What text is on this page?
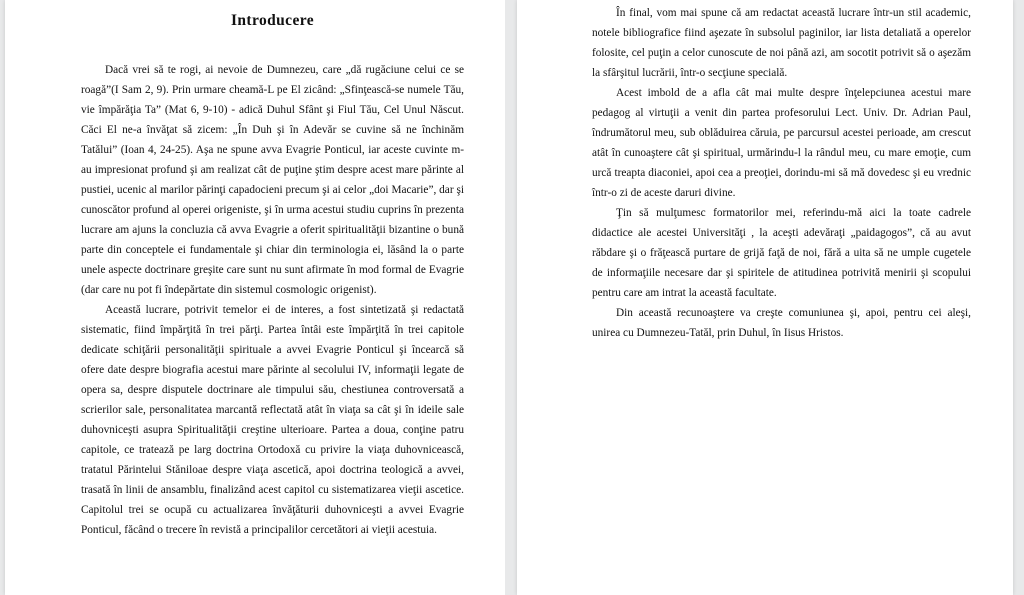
Introducere

Dacă vrei să te rogi, ai nevoie de Dumnezeu, care „dă rugăciune celui ce se roagă”(I Sam 2, 9). Prin urmare cheamă-L pe El zicând: „Sfinţească-se numele Tău, vie împărăţia Ta” (Mat 6, 9-10) - adică Duhul Sfânt şi Fiul Tău, Cel Unul Născut. Căci El ne-a învăţat să zicem: „În Duh şi în Adevăr se cuvine să ne închinăm Tatălui” (Ioan 4, 24-25). Aşa ne spune avva Evagrie Ponticul, iar aceste cuvinte m-au impresionat profund şi am realizat cât de puţine ştim despre acest mare părinte al pustiei, ucenic al marilor părinţi capadocieni precum şi ai celor „doi Macarie”, dar şi cunoscător profund al operei origeniste, şi în urma acestui studiu cuprins în prezenta lucrare am ajuns la concluzia că avva Evagrie a oferit spiritualităţii bizantine o bună parte din conceptele ei fundamentale şi chiar din terminologia ei, lăsând la o parte unele aspecte doctrinare greşite care sunt nu sunt afirmate în mod formal de Evagrie (dar care nu pot fi îndepărtate din sistemul cosmologic origenist).

Această lucrare, potrivit temelor ei de interes, a fost sintetizată şi redactată sistematic, fiind împărţită în trei părţi. Partea întâi este împărţită în trei capitole dedicate schiţării personalităţii spirituale a avvei Evagrie Ponticul şi încearcă să ofere date despre biografia acestui mare părinte al secolului IV, informaţii legate de opera sa, despre disputele doctrinare ale timpului său, chestiunea controversată a scrierilor sale, personalitatea marcantă reflectată atât în viaţa sa cât şi în ideile sale duhovniceşti asupra Spiritualităţii creştine ulterioare. Partea a doua, conţine patru capitole, ce tratează pe larg doctrina Ortodoxă cu privire la viaţa duhovnicească, tratatul Părintelui Stăniloae despre viaţa ascetică, apoi doctrina teologică a avvei, trasată în linii de ansamblu, finalizând acest capitol cu sistematizarea vieţii ascetice. Capitolul trei se ocupă cu actualizarea învăţăturii duhovniceşti a avvei Evagrie Ponticul, făcând o trecere în revistă a principalilor cercetători ai vieţii acestuia.

În final, vom mai spune că am redactat această lucrare într-un stil academic, notele bibliografice fiind aşezate în subsolul paginilor, iar lista detaliată a operelor folosite, cel puţin a celor cunoscute de noi până azi, am socotit potrivit să o aşezăm la sfârşitul lucrării, într-o secţiune specială.

Acest imbold de a afla cât mai multe despre înţelepciunea acestui mare pedagog al virtuţii a venit din partea profesorului Lect. Univ. Dr. Adrian Paul, îndrumătorul meu, sub oblăduirea căruia, pe parcursul acestei perioade, am crescut atât în cunoaştere cât şi spiritual, urmărindu-l la rândul meu, cu mare emoţie, cum urcă treapta diaconiei, apoi cea a preoţiei, dorindu-mi să mă dovedesc şi eu vrednic într-o zi de aceste daruri divine.

Ţin să mulţumesc formatorilor mei, referindu-mă aici la toate cadrele didactice ale acestei Universităţi , la aceşti adevăraţi „paidagogos”, că au avut răbdare şi o frăţească purtare de grijă faţă de noi, fără a uita să ne umple cugetele de informaţiile necesare dar şi spiritele de atitudinea potrivită menirii şi scopului pentru care am intrat la această facultate.

Din această recunoaştere va creşte comuniunea şi, apoi, pentru cei aleşi, unirea cu Dumnezeu-Tatăl, prin Duhul, în Iisus Hristos.
